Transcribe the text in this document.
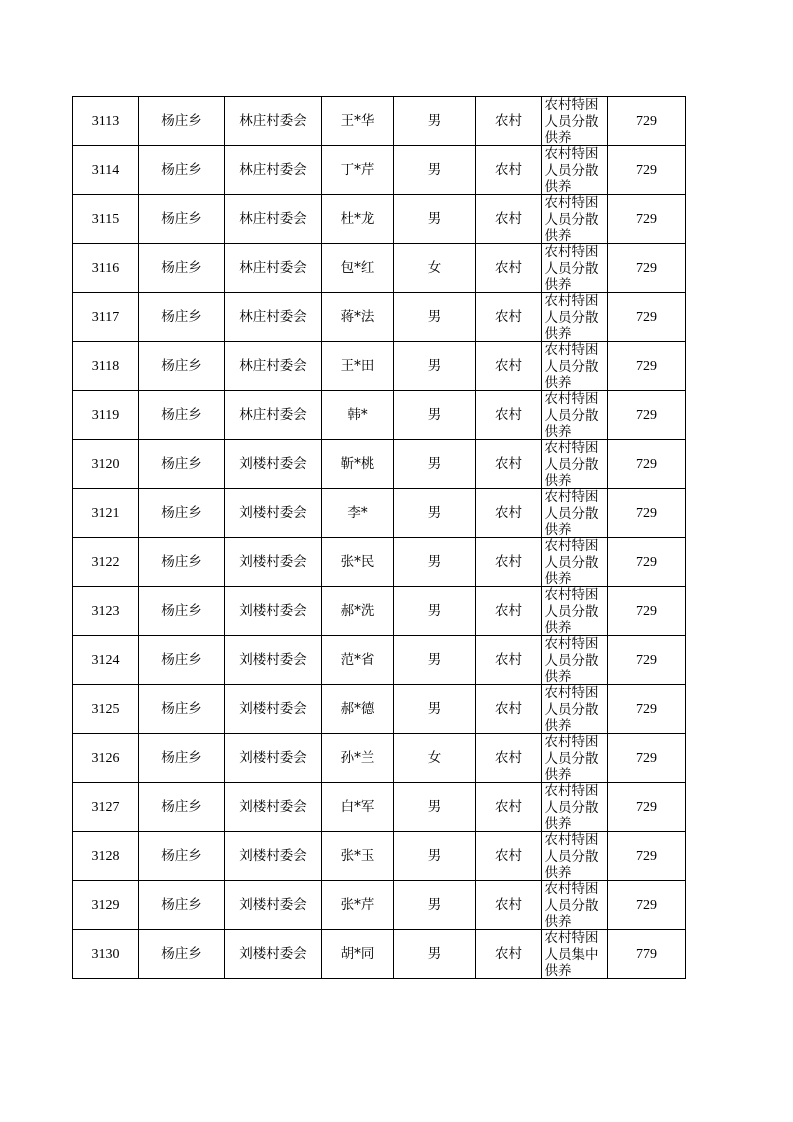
3113	杨庄乡	林庄村委会	王*华	男	农村	农村特困人员分散供养	729
3114	杨庄乡	林庄村委会	丁*芹	男	农村	农村特困人员分散供养	729
3115	杨庄乡	林庄村委会	杜*龙	男	农村	农村特困人员分散供养	729
3116	杨庄乡	林庄村委会	包*红	女	农村	农村特困人员分散供养	729
3117	杨庄乡	林庄村委会	蒋*法	男	农村	农村特困人员分散供养	729
3118	杨庄乡	林庄村委会	王*田	男	农村	农村特困人员分散供养	729
3119	杨庄乡	林庄村委会	韩*	男	农村	农村特困人员分散供养	729
3120	杨庄乡	刘楼村委会	靳*桃	男	农村	农村特困人员分散供养	729
3121	杨庄乡	刘楼村委会	李*	男	农村	农村特困人员分散供养	729
3122	杨庄乡	刘楼村委会	张*民	男	农村	农村特困人员分散供养	729
3123	杨庄乡	刘楼村委会	郝*洗	男	农村	农村特困人员分散供养	729
3124	杨庄乡	刘楼村委会	范*省	男	农村	农村特困人员分散供养	729
3125	杨庄乡	刘楼村委会	郝*德	男	农村	农村特困人员分散供养	729
3126	杨庄乡	刘楼村委会	孙*兰	女	农村	农村特困人员分散供养	729
3127	杨庄乡	刘楼村委会	白*军	男	农村	农村特困人员分散供养	729
3128	杨庄乡	刘楼村委会	张*玉	男	农村	农村特困人员分散供养	729
3129	杨庄乡	刘楼村委会	张*芹	男	农村	农村特困人员分散供养	729
3130	杨庄乡	刘楼村委会	胡*同	男	农村	农村特困人员集中供养	779
